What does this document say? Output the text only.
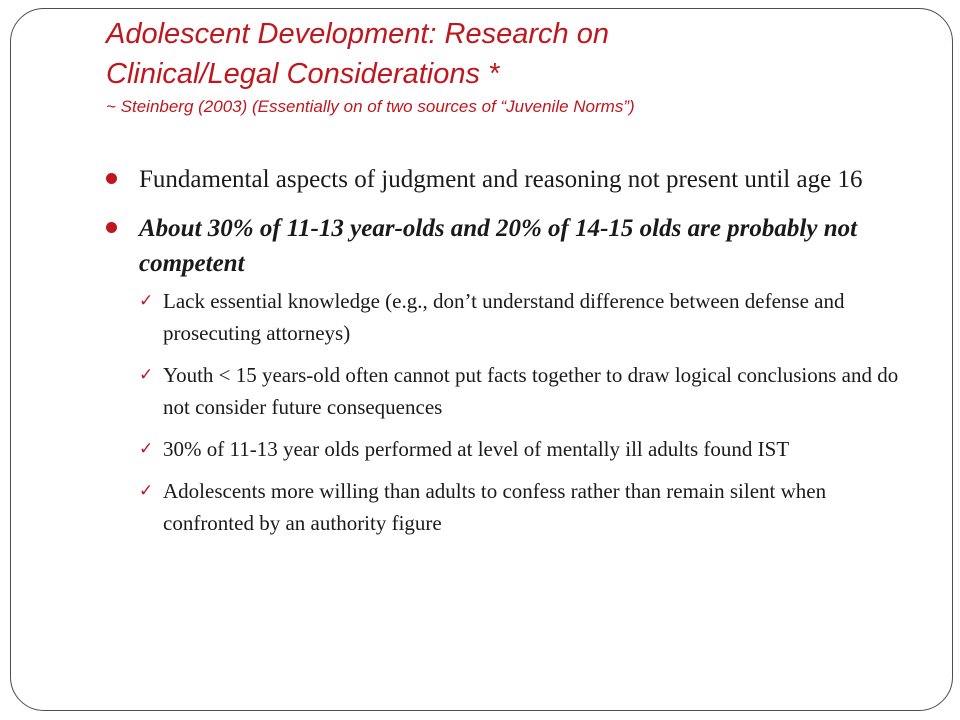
Adolescent Development: Research on
Clinical/Legal Considerations *
~ Steinberg (2003) (Essentially on of two sources of “Juvenile Norms”)
Fundamental aspects of judgment and reasoning not present until age 16
About 30% of 11-13 year-olds and 20% of 14-15 olds are probably not competent
✓ Lack essential knowledge (e.g., don’t understand difference between defense and prosecuting attorneys)
✓ Youth < 15 years-old often cannot put facts together to draw logical conclusions and do not consider future consequences
✓ 30% of 11-13 year olds performed at level of mentally ill adults found IST
✓ Adolescents more willing than adults to confess rather than remain silent when confronted by an authority figure
